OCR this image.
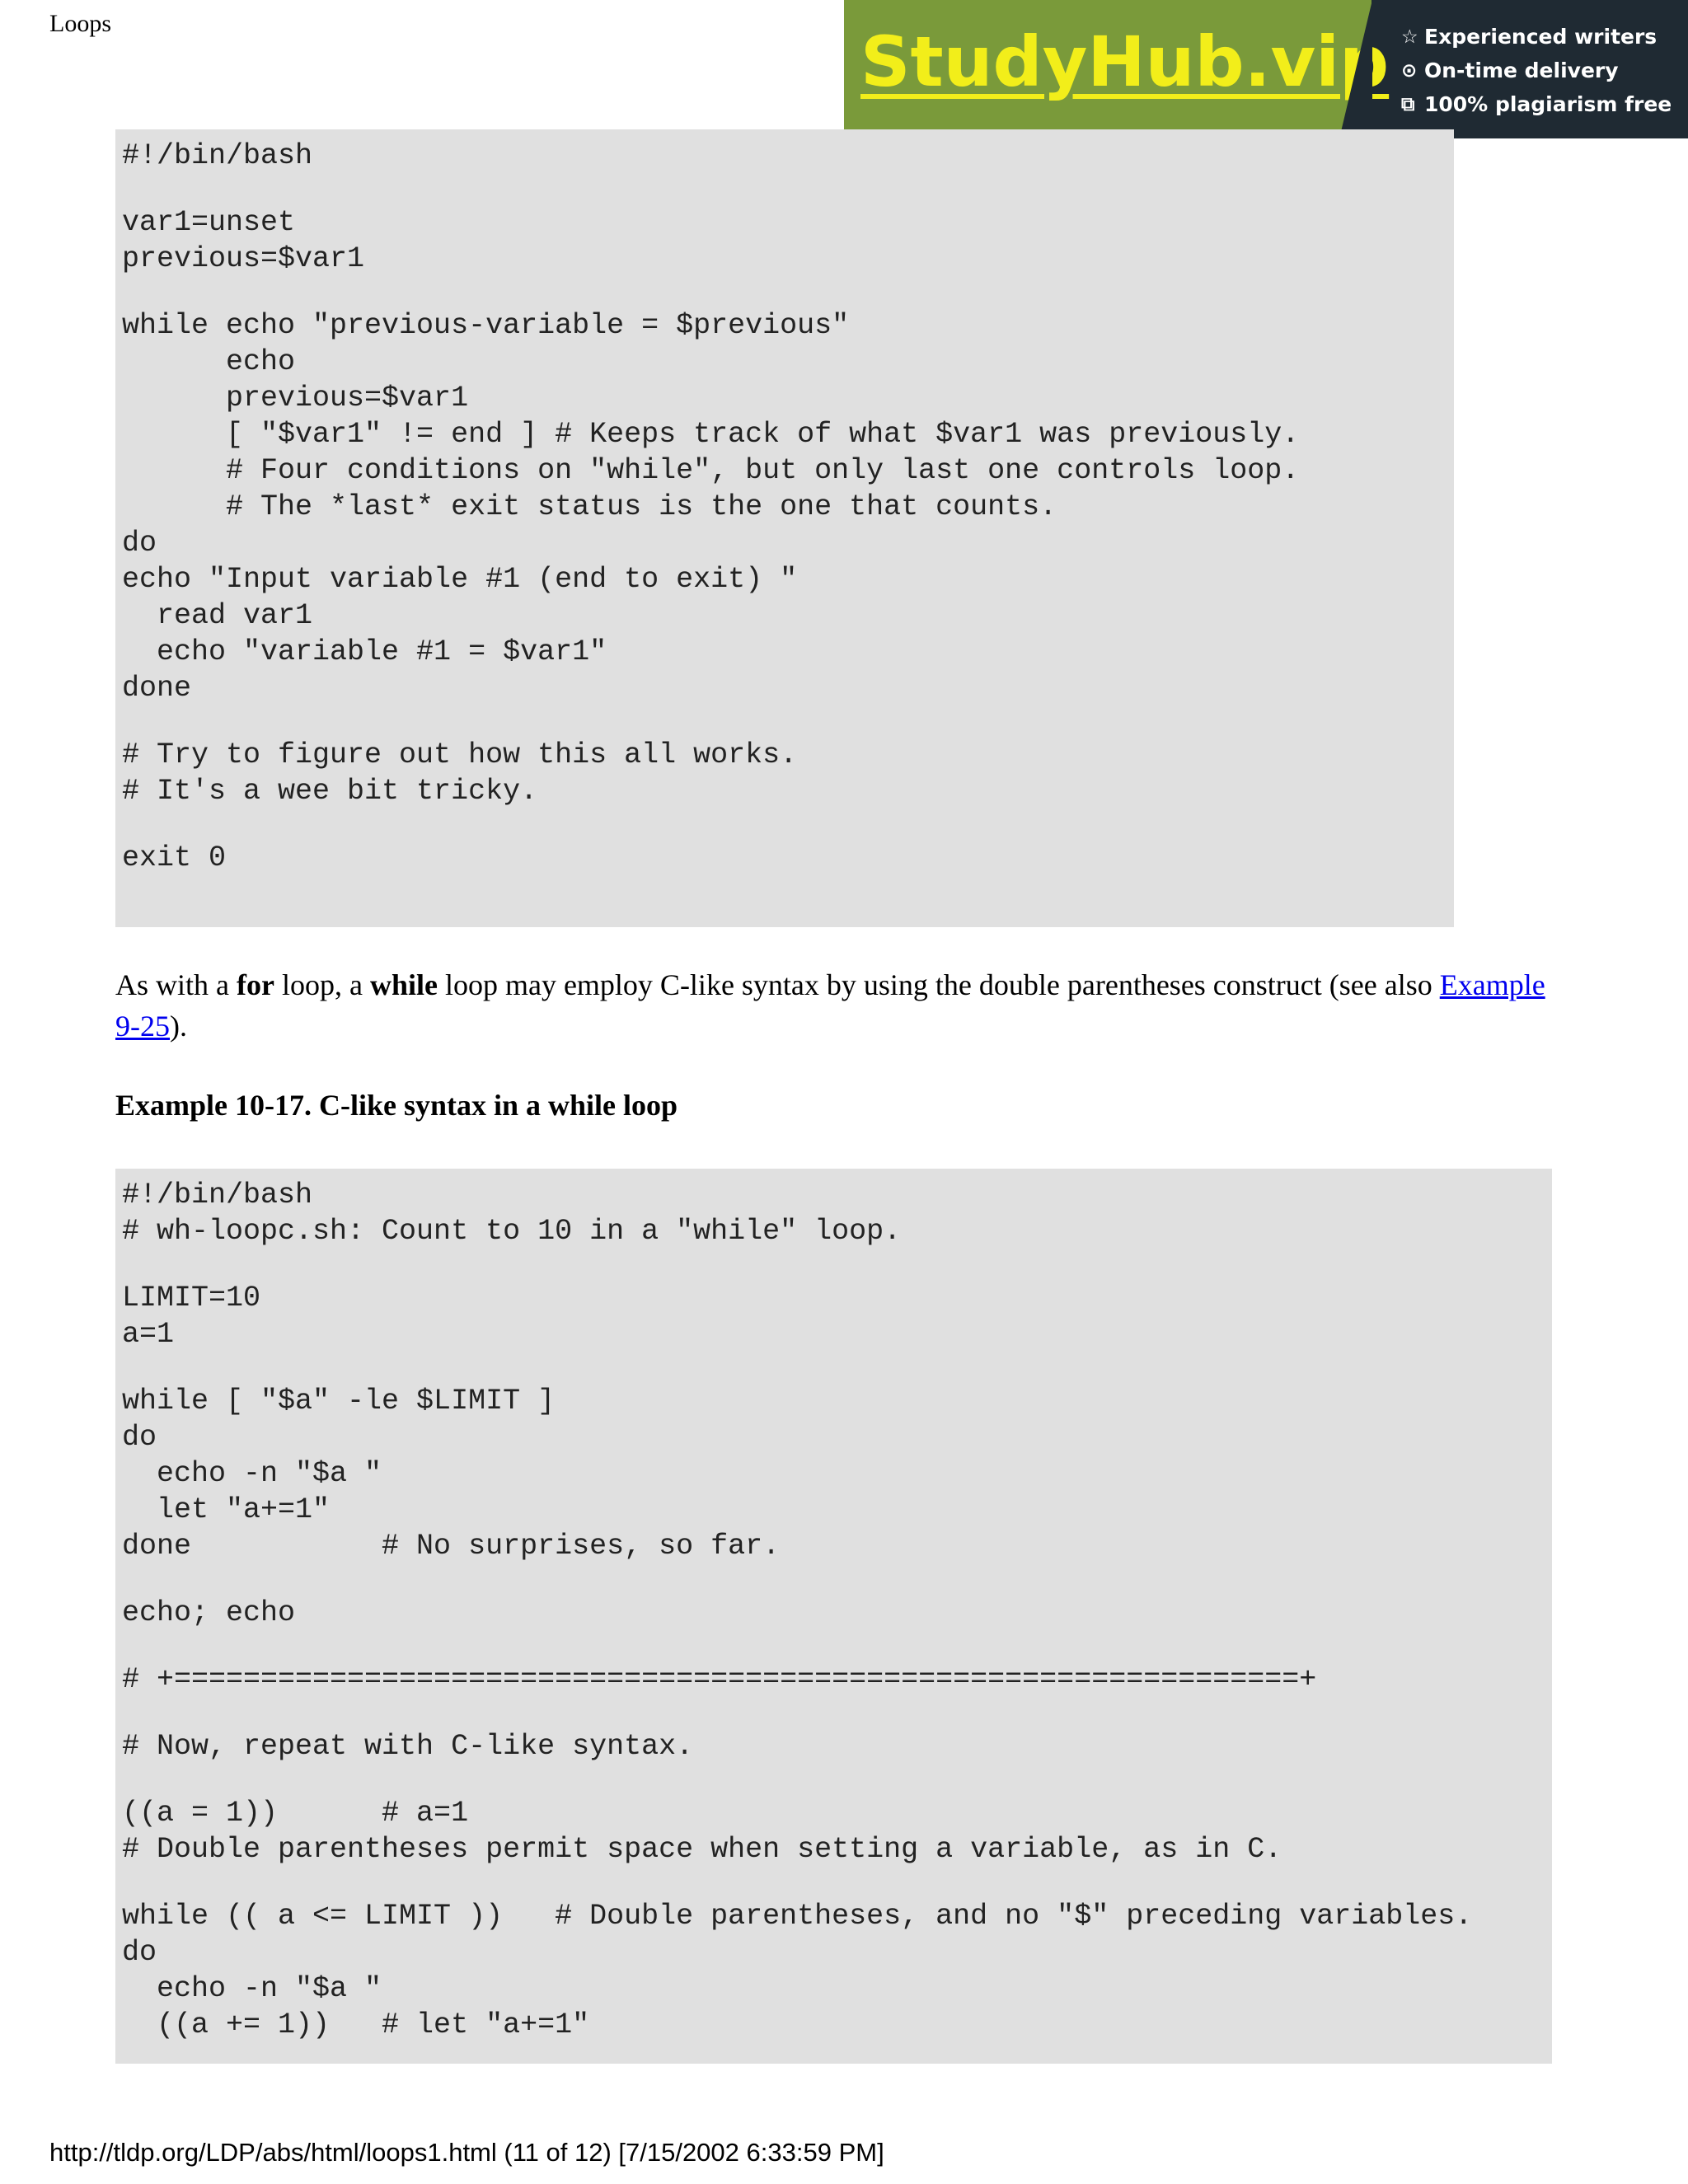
Loops	StudyHub.vip ☆ Experienced writers
⊙ On-time delivery
⧉ 100% plagiarism free
#!/bin/bash
var1=unset
previous=$var1
while echo "previous-variable = $previous"
echo
previous=$var1
[ "$var1" != end ] # Keeps track of what $var1 was previously.
# Four conditions on "while", but only last one controls loop.
# The *last* exit status is the one that counts.
do
echo "Input variable #1 (end to exit) "
read var1
echo "variable #1 = $var1"
done
# Try to figure out how this all works.
# It's a wee bit tricky.
exit 0
As with a for loop, a while loop may employ C-like syntax by using the double parentheses construct (see also Example
9-25).
Example 10-17. C-like syntax in a while loop
#!/bin/bash
# wh-loopc.sh: Count to 10 in a "while" loop.
LIMIT=10
a=1
while [ "$a" -le $LIMIT ]
do
echo -n "$a "
let "a+=1"
done           # No surprises, so far.
echo; echo
# +=================================================================+
# Now, repeat with C-like syntax.
((a = 1))      # a=1
# Double parentheses permit space when setting a variable, as in C.
while (( a <= LIMIT ))   # Double parentheses, and no "$" preceding variables.
do
echo -n "$a "
((a += 1))   # let "a+=1"
http://tldp.org/LDP/abs/html/loops1.html (11 of 12) [7/15/2002 6:33:59 PM]
